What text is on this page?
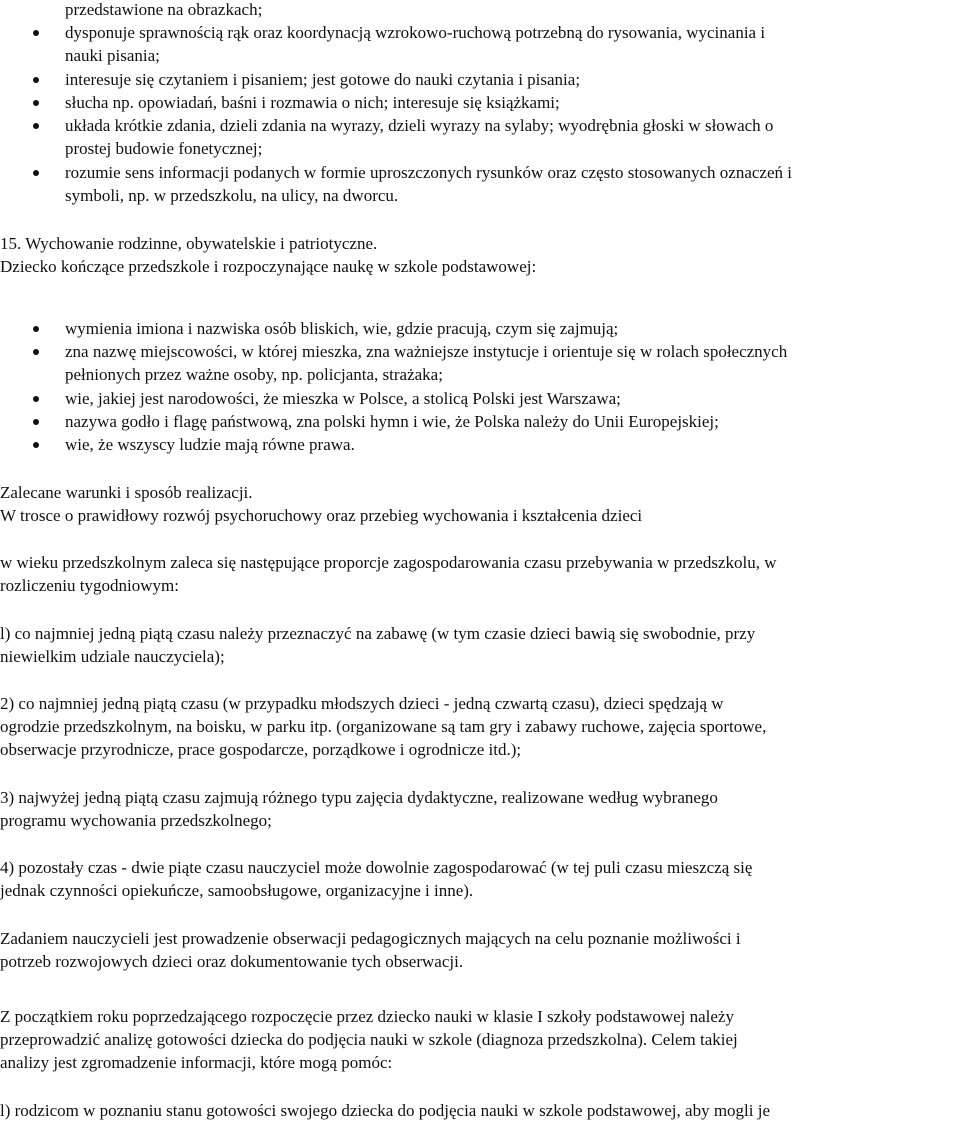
przedstawione na obrazkach;
dysponuje sprawnością rąk oraz koordynacją wzrokowo-ruchową potrzebną do rysowania, wycinania i
nauki pisania;
interesuje się czytaniem i pisaniem; jest gotowe do nauki czytania i pisania;
słucha np. opowiadań, baśni i rozmawia o nich; interesuje się książkami;
układa krótkie zdania, dzieli zdania na wyrazy, dzieli wyrazy na sylaby; wyodrębnia głoski w słowach o
prostej budowie fonetycznej;
rozumie sens informacji podanych w formie uproszczonych rysunków oraz często stosowanych oznaczeń i
symboli, np. w przedszkolu, na ulicy, na dworcu.
15. Wychowanie rodzinne, obywatelskie i patriotyczne.
Dziecko kończące przedszkole i rozpoczynające naukę w szkole podstawowej:
wymienia imiona i nazwiska osób bliskich, wie, gdzie pracują, czym się zajmują;
zna nazwę miejscowości, w której mieszka, zna ważniejsze instytucje i orientuje się w rolach społecznych
pełnionych przez ważne osoby, np. policjanta, strażaka;
wie, jakiej jest narodowości, że mieszka w Polsce, a stolicą Polski jest Warszawa;
nazywa godło i flagę państwową, zna polski hymn i wie, że Polska należy do Unii Europejskiej;
wie, że wszyscy ludzie mają równe prawa.
Zalecane warunki i sposób realizacji.
W trosce o prawidłowy rozwój psychoruchowy oraz przebieg wychowania i kształcenia dzieci
w wieku przedszkolnym zaleca się następujące proporcje zagospodarowania czasu przebywania w przedszkolu, w
rozliczeniu tygodniowym:
l) co najmniej jedną piątą czasu należy przeznaczyć na zabawę (w tym czasie dzieci bawią się swobodnie, przy
niewielkim udziale nauczyciela);
2) co najmniej jedną piątą czasu (w przypadku młodszych dzieci - jedną czwartą czasu), dzieci spędzają w
ogrodzie przedszkolnym, na boisku, w parku itp. (organizowane są tam gry i zabawy ruchowe, zajęcia sportowe,
obserwacje przyrodnicze, prace gospodarcze, porządkowe i ogrodnicze itd.);
3) najwyżej jedną piątą czasu zajmują różnego typu zajęcia dydaktyczne, realizowane według wybranego
programu wychowania przedszkolnego;
4) pozostały czas - dwie piąte czasu nauczyciel może dowolnie zagospodarować (w tej puli czasu mieszczą się
jednak czynności opiekuńcze, samoobsługowe, organizacyjne i inne).
Zadaniem nauczycieli jest prowadzenie obserwacji pedagogicznych mających na celu poznanie możliwości i
potrzeb rozwojowych dzieci oraz dokumentowanie tych obserwacji.
Z początkiem roku poprzedzającego rozpoczęcie przez dziecko nauki w klasie I szkoły podstawowej należy
przeprowadzić analizę gotowości dziecka do podjęcia nauki w szkole (diagnoza przedszkolna). Celem takiej
analizy jest zgromadzenie informacji, które mogą pomóc:
l) rodzicom w poznaniu stanu gotowości swojego dziecka do podjęcia nauki w szkole podstawowej, aby mogli je
